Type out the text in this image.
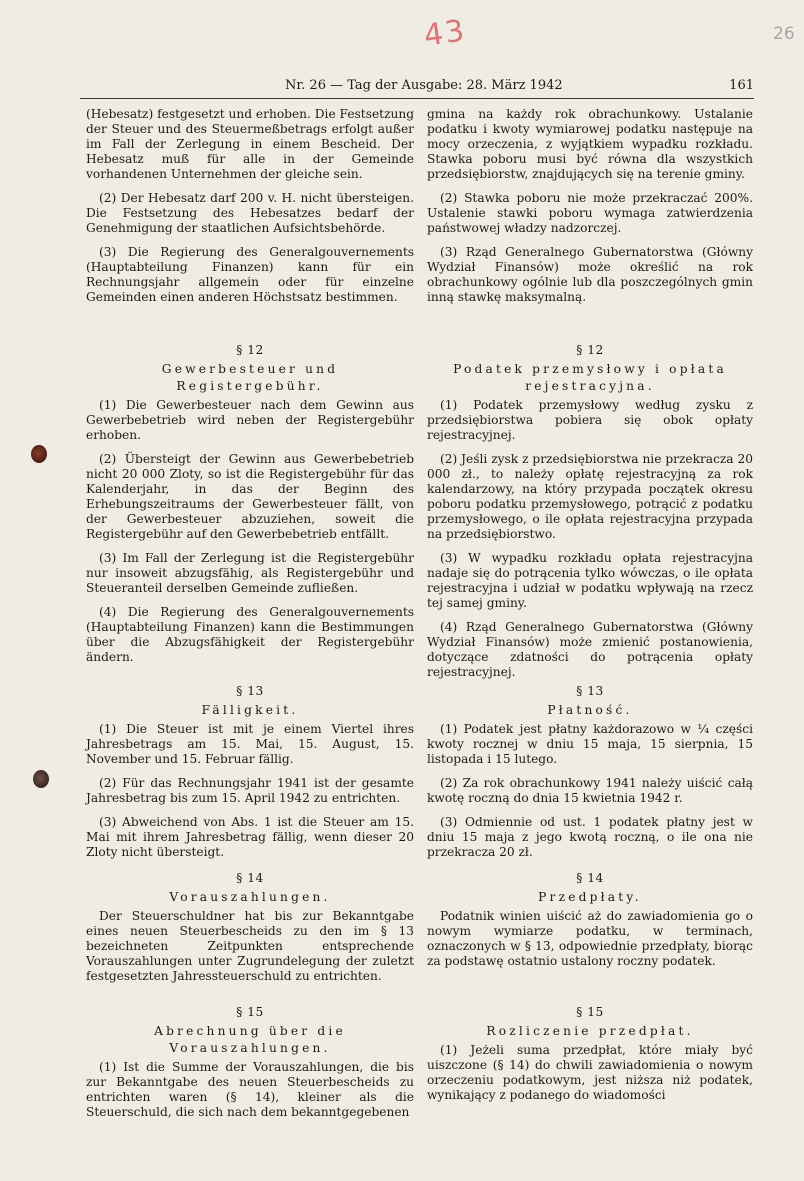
43	26
Nr. 26 — Tag der Ausgabe: 28. März 1942	161
(Hebesatz) festgesetzt und erhoben. Die Festsetzung der Steuer und des Steuermeßbetrags erfolgt außer im Fall der Zerlegung in einem Bescheid. Der Hebesatz muß für alle in der Gemeinde vorhandenen Unternehmen der gleiche sein.
(2) Der Hebesatz darf 200 v. H. nicht übersteigen. Die Festsetzung des Hebesatzes bedarf der Genehmigung der staatlichen Aufsichtsbehörde.
(3) Die Regierung des Generalgouvernements (Hauptabteilung Finanzen) kann für ein Rechnungsjahr allgemein oder für einzelne Gemeinden einen anderen Höchstsatz bestimmen.
§ 12
Gewerbesteuer und Registergebühr.
(1) Die Gewerbesteuer nach dem Gewinn aus Gewerbebetrieb wird neben der Registergebühr erhoben.
(2) Übersteigt der Gewinn aus Gewerbebetrieb nicht 20 000 Zloty, so ist die Registergebühr für das Kalenderjahr, in das der Beginn des Erhebungszeitraums der Gewerbesteuer fällt, von der Gewerbesteuer abzuziehen, soweit die Registergebühr auf den Gewerbebetrieb entfällt.
(3) Im Fall der Zerlegung ist die Registergebühr nur insoweit abzugsfähig, als Registergebühr und Steueranteil derselben Gemeinde zufließen.
(4) Die Regierung des Generalgouvernements (Hauptabteilung Finanzen) kann die Bestimmungen über die Abzugsfähigkeit der Registergebühr ändern.
§ 13
Fälligkeit.
(1) Die Steuer ist mit je einem Viertel ihres Jahresbetrags am 15. Mai, 15. August, 15. November und 15. Februar fällig.
(2) Für das Rechnungsjahr 1941 ist der gesamte Jahresbetrag bis zum 15. April 1942 zu entrichten.
(3) Abweichend von Abs. 1 ist die Steuer am 15. Mai mit ihrem Jahresbetrag fällig, wenn dieser 20 Zloty nicht übersteigt.
§ 14
Vorauszahlungen.
Der Steuerschuldner hat bis zur Bekanntgabe eines neuen Steuerbescheids zu den im § 13 bezeichneten Zeitpunkten entsprechende Vorauszahlungen unter Zugrundelegung der zuletzt festgesetzten Jahressteuerschuld zu entrichten.
§ 15
Abrechnung über die Vorauszahlungen.
(1) Ist die Summe der Vorauszahlungen, die bis zur Bekanntgabe des neuen Steuerbescheids zu entrichten waren (§ 14), kleiner als die Steuerschuld, die sich nach dem bekanntgegebenen
gmina na każdy rok obrachunkowy. Ustalanie podatku i kwoty wymiarowej podatku następuje na mocy orzeczenia, z wyjątkiem wypadku rozkładu. Stawka poboru musi być równa dla wszystkich przedsiębiorstw, znajdujących się na terenie gminy.
(2) Stawka poboru nie może przekraczać 200%. Ustalenie stawki poboru wymaga zatwierdzenia państwowej władzy nadzorczej.
(3) Rząd Generalnego Gubernatorstwa (Główny Wydział Finansów) może określić na rok obrachunkowy ogólnie lub dla poszczególnych gmin inną stawkę maksymalną.
§ 12
Podatek przemysłowy i opłata rejestracyjna.
(1) Podatek przemysłowy według zysku z przedsiębiorstwa pobiera się obok opłaty rejestracyjnej.
(2) Jeśli zysk z przedsiębiorstwa nie przekracza 20 000 zł., to należy opłatę rejestracyjną za rok kalendarzowy, na który przypada początek okresu poboru podatku przemysłowego, potrącić z podatku przemysłowego, o ile opłata rejestracyjna przypada na przedsiębiorstwo.
(3) W wypadku rozkładu opłata rejestracyjna nadaje się do potrącenia tylko wówczas, o ile opłata rejestracyjna i udział w podatku wpływają na rzecz tej samej gminy.
(4) Rząd Generalnego Gubernatorstwa (Główny Wydział Finansów) może zmienić postanowienia, dotyczące zdatności do potrącenia opłaty rejestracyjnej.
§ 13
Płatność.
(1) Podatek jest płatny każdorazowo w ¼ części kwoty rocznej w dniu 15 maja, 15 sierpnia, 15 listopada i 15 lutego.
(2) Za rok obrachunkowy 1941 należy uiścić całą kwotę roczną do dnia 15 kwietnia 1942 r.
(3) Odmiennie od ust. 1 podatek płatny jest w dniu 15 maja z jego kwotą roczną, o ile ona nie przekracza 20 zł.
§ 14
Przedpłaty.
Podatnik winien uiścić aż do zawiadomienia go o nowym wymiarze podatku, w terminach, oznaczonych w § 13, odpowiednie przedpłaty, biorąc za podstawę ostatnio ustalony roczny podatek.
§ 15
Rozliczenie przedpłat.
(1) Jeżeli suma przedpłat, które miały być uiszczone (§ 14) do chwili zawiadomienia o nowym orzeczeniu podatkowym, jest niższa niż podatek, wynikający z podanego do wiadomości
